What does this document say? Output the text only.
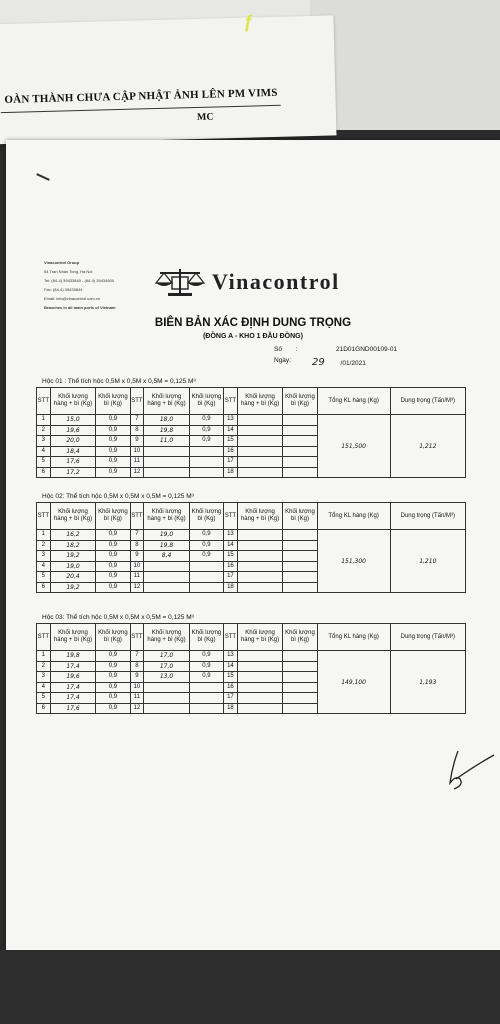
ƒ
OÀN THÀNH CHƯA CẬP NHẬT ẢNH LÊN PM VIMS
MC
Vinacontrol Group
54 Tran Nhan Tong, Ha Noi
Tel: (84-4) 39433840 - (84-4) 39434800
Fax: (84-4) 39433844
Email: info@vinacontrol.com.vn
Branches in all main ports of Vietnam
Vinacontrol
BIÊN BẢN XÁC ĐỊNH DUNG TRỌNG
(ĐỒNG A - KHO 1 ĐẦU ĐỒNG)
Số :	21D01GND00109-01
Ngày: 29 /01/2021
Hộc 01 : Thể tích hộc 0,5M x 0,5M x 0,5M = 0,125 M³
STT	Khối lượng hàng + bì (Kg)	Khối lượng bì (Kg)	STT	Khối lượng hàng + bì (Kg)	Khối lượng bì (Kg)	STT	Khối lượng hàng + bì (Kg)	Khối lượng bì (Kg)	Tổng KL hàng (Kg)	Dung trọng (Tấn/M³)
1	15,0	0,9	7	18,0	0,9	13			151,500	1,212
2	19,6	0,9	8	19,8	0,9	14				
3	20,0	0,9	9	11,0	0,9	15				
4	18,4	0,9	10			16				
5	17,6	0,9	11			17				
6	17,2	0,9	12			18				
Hộc 02: Thể tích hộc 0,5M x 0,5M x 0,5M = 0,125 M³
STT	Khối lượng hàng + bì (Kg)	Khối lượng bì (Kg)	STT	Khối lượng hàng + bì (Kg)	Khối lượng bì (Kg)	STT	Khối lượng hàng + bì (Kg)	Khối lượng bì (Kg)	Tổng KL hàng (Kg)	Dung trọng (Tấn/M³)
1	16,2	0,9	7	19,0	0,9	13			151,300	1,210
2	18,2	0,9	8	19,8	0,9	14				
3	19,2	0,9	9	8,4	0,9	15				
4	19,0	0,9	10			16				
5	20,4	0,9	11			17				
6	19,2	0,9	12			18				
Hộc 03: Thể tích hộc 0,5M x 0,5M x 0,5M = 0,125 M³
STT	Khối lượng hàng + bì (Kg)	Khối lượng bì (Kg)	STT	Khối lượng hàng + bì (Kg)	Khối lượng bì (Kg)	STT	Khối lượng hàng + bì (Kg)	Khối lượng bì (Kg)	Tổng KL hàng (Kg)	Dung trọng (Tấn/M³)
1	19,8	0,9	7	17,0	0,9	13			149,100	1,193
2	17,4	0,9	8	17,0	0,9	14				
3	19,6	0,9	9	13,0	0,9	15				
4	17,4	0,9	10			16				
5	17,4	0,9	11			17				
6	17,6	0,9	12			18				
